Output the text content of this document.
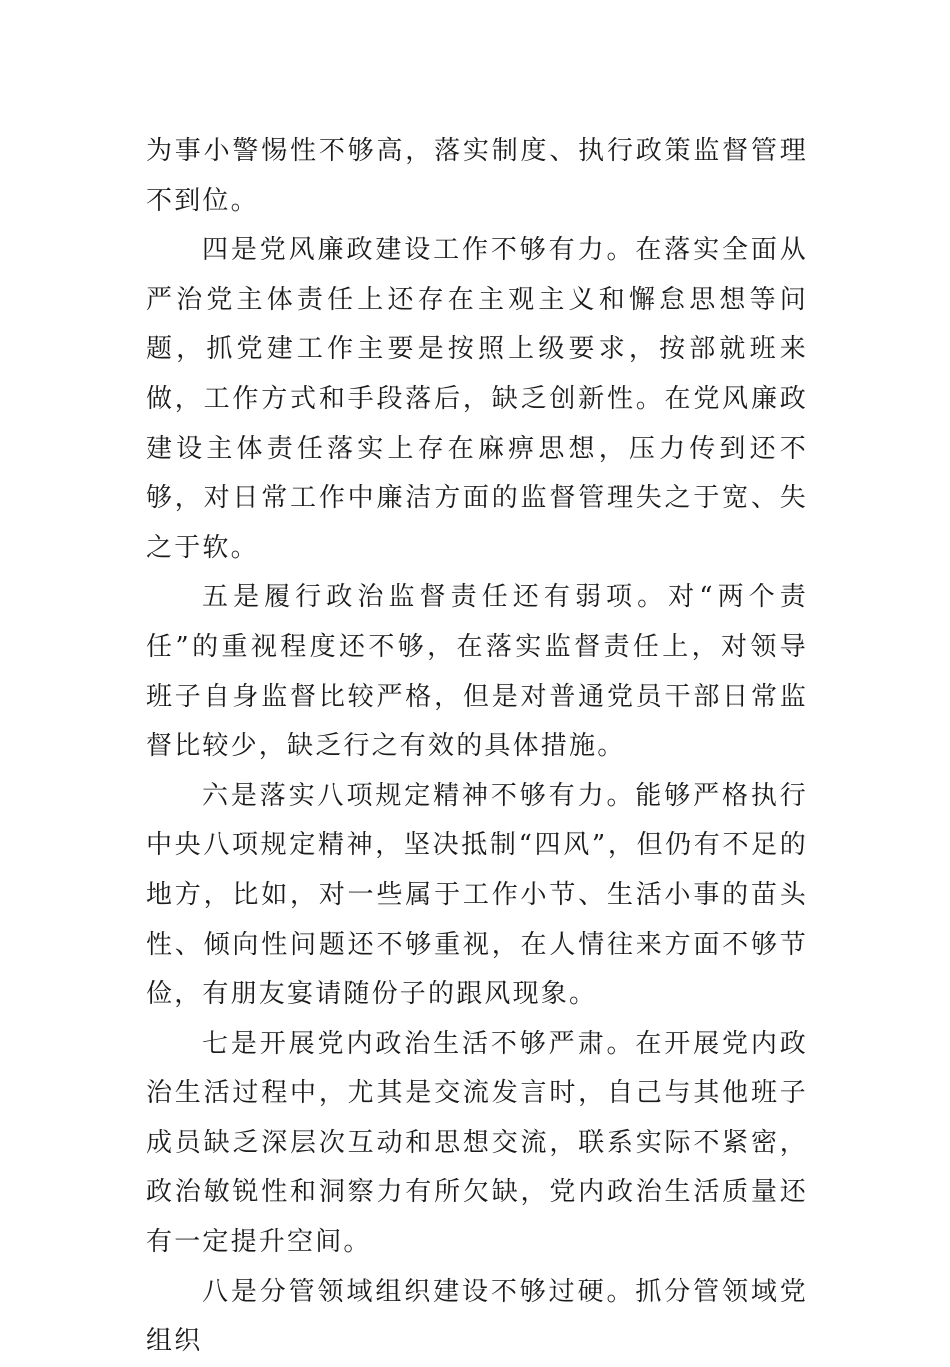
为事小警惕性不够高，落实制度、执行政策监督管理不到位。

四是党风廉政建设工作不够有力。在落实全面从严治党主体责任上还存在主观主义和懈怠思想等问题，抓党建工作主要是按照上级要求，按部就班来做，工作方式和手段落后，缺乏创新性。在党风廉政建设主体责任落实上存在麻痹思想，压力传到还不够，对日常工作中廉洁方面的监督管理失之于宽、失之于软。

五是履行政治监督责任还有弱项。对“两个责任”的重视程度还不够，在落实监督责任上，对领导班子自身监督比较严格，但是对普通党员干部日常监督比较少，缺乏行之有效的具体措施。

六是落实八项规定精神不够有力。能够严格执行中央八项规定精神，坚决抵制“四风”，但仍有不足的地方，比如，对一些属于工作小节、生活小事的苗头性、倾向性问题还不够重视，在人情往来方面不够节俭，有朋友宴请随份子的跟风现象。

七是开展党内政治生活不够严肃。在开展党内政治生活过程中，尤其是交流发言时，自己与其他班子成员缺乏深层次互动和思想交流，联系实际不紧密，政治敏锐性和洞察力有所欠缺，党内政治生活质量还有一定提升空间。

八是分管领域组织建设不够过硬。抓分管领域党组织
